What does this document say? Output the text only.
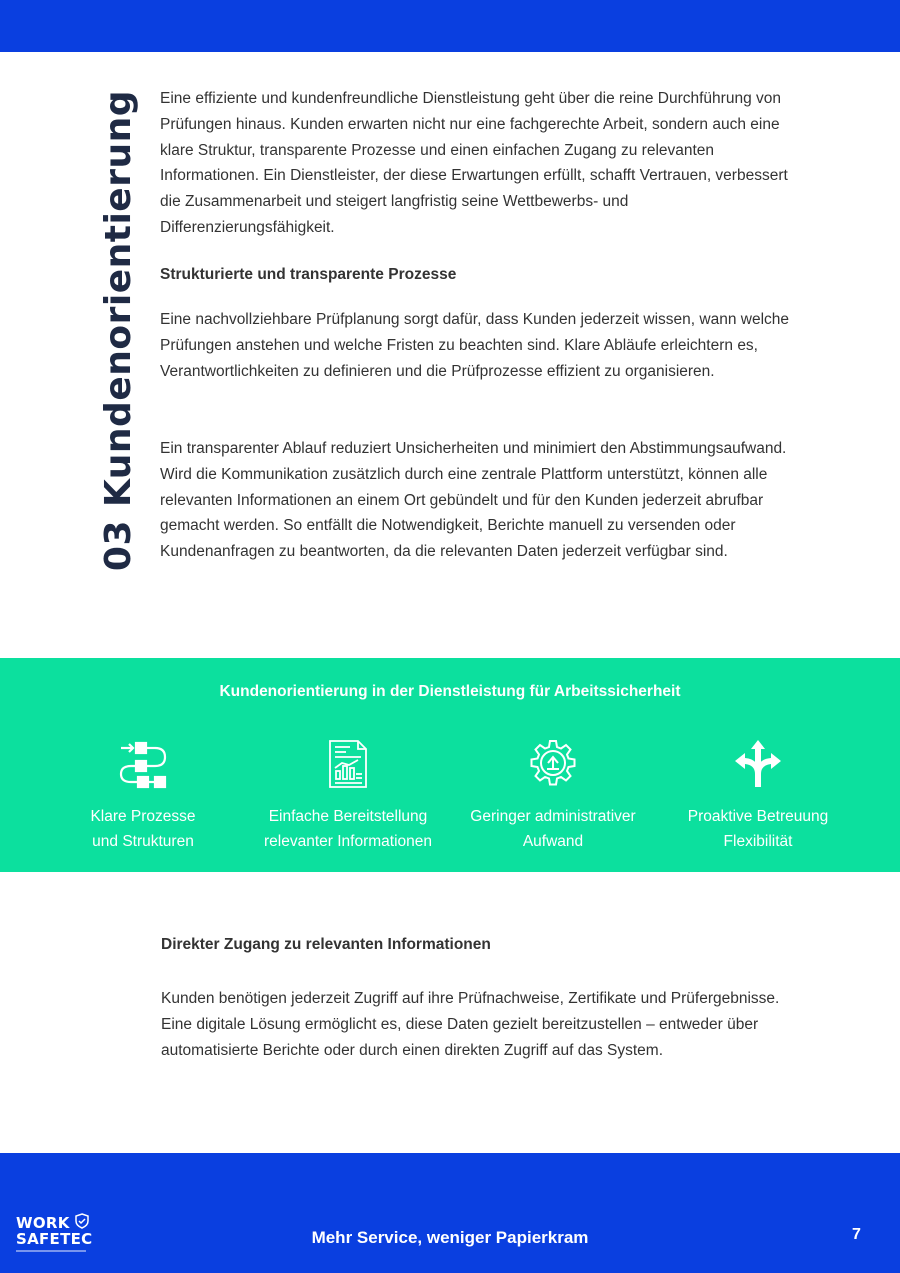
03 Kundenorientierung	Eine effiziente und kundenfreundliche Dienstleistung geht über die reine Durchführung von Prüfungen hinaus. Kunden erwarten nicht nur eine fachgerechte Arbeit, sondern auch eine klare Struktur, transparente Prozesse und einen einfachen Zugang zu relevanten Informationen. Ein Dienstleister, der diese Erwartungen erfüllt, schafft Vertrauen, verbessert die Zusammenarbeit und steigert langfristig seine Wettbewerbs- und Differenzierungsfähigkeit.

Strukturierte und transparente Prozesse

Eine nachvollziehbare Prüfplanung sorgt dafür, dass Kunden jederzeit wissen, wann welche Prüfungen anstehen und welche Fristen zu beachten sind. Klare Abläufe erleichtern es, Verantwortlichkeiten zu definieren und die Prüfprozesse effizient zu organisieren.

Ein transparenter Ablauf reduziert Unsicherheiten und minimiert den Abstimmungsaufwand. Wird die Kommunikation zusätzlich durch eine zentrale Plattform unterstützt, können alle relevanten Informationen an einem Ort gebündelt und für den Kunden jederzeit abrufbar gemacht werden. So entfällt die Notwendigkeit, Berichte manuell zu versenden oder Kundenanfragen zu beantworten, da die relevanten Daten jederzeit verfügbar sind.

Kundenorientierung in der Dienstleistung für Arbeitssicherheit
Klare Prozesse
und Strukturen
Einfache Bereitstellung
relevanter Informationen
Geringer administrativer
Aufwand
Proaktive Betreuung
Flexibilität
Direkter Zugang zu relevanten Informationen

Kunden benötigen jederzeit Zugriff auf ihre Prüfnachweise, Zertifikate und Prüfergebnisse. Eine digitale Lösung ermöglicht es, diese Daten gezielt bereitzustellen – entweder über automatisierte Berichte oder durch einen direkten Zugriff auf das System.

WORK
SAFETEC	Mehr Service, weniger Papierkram	7
